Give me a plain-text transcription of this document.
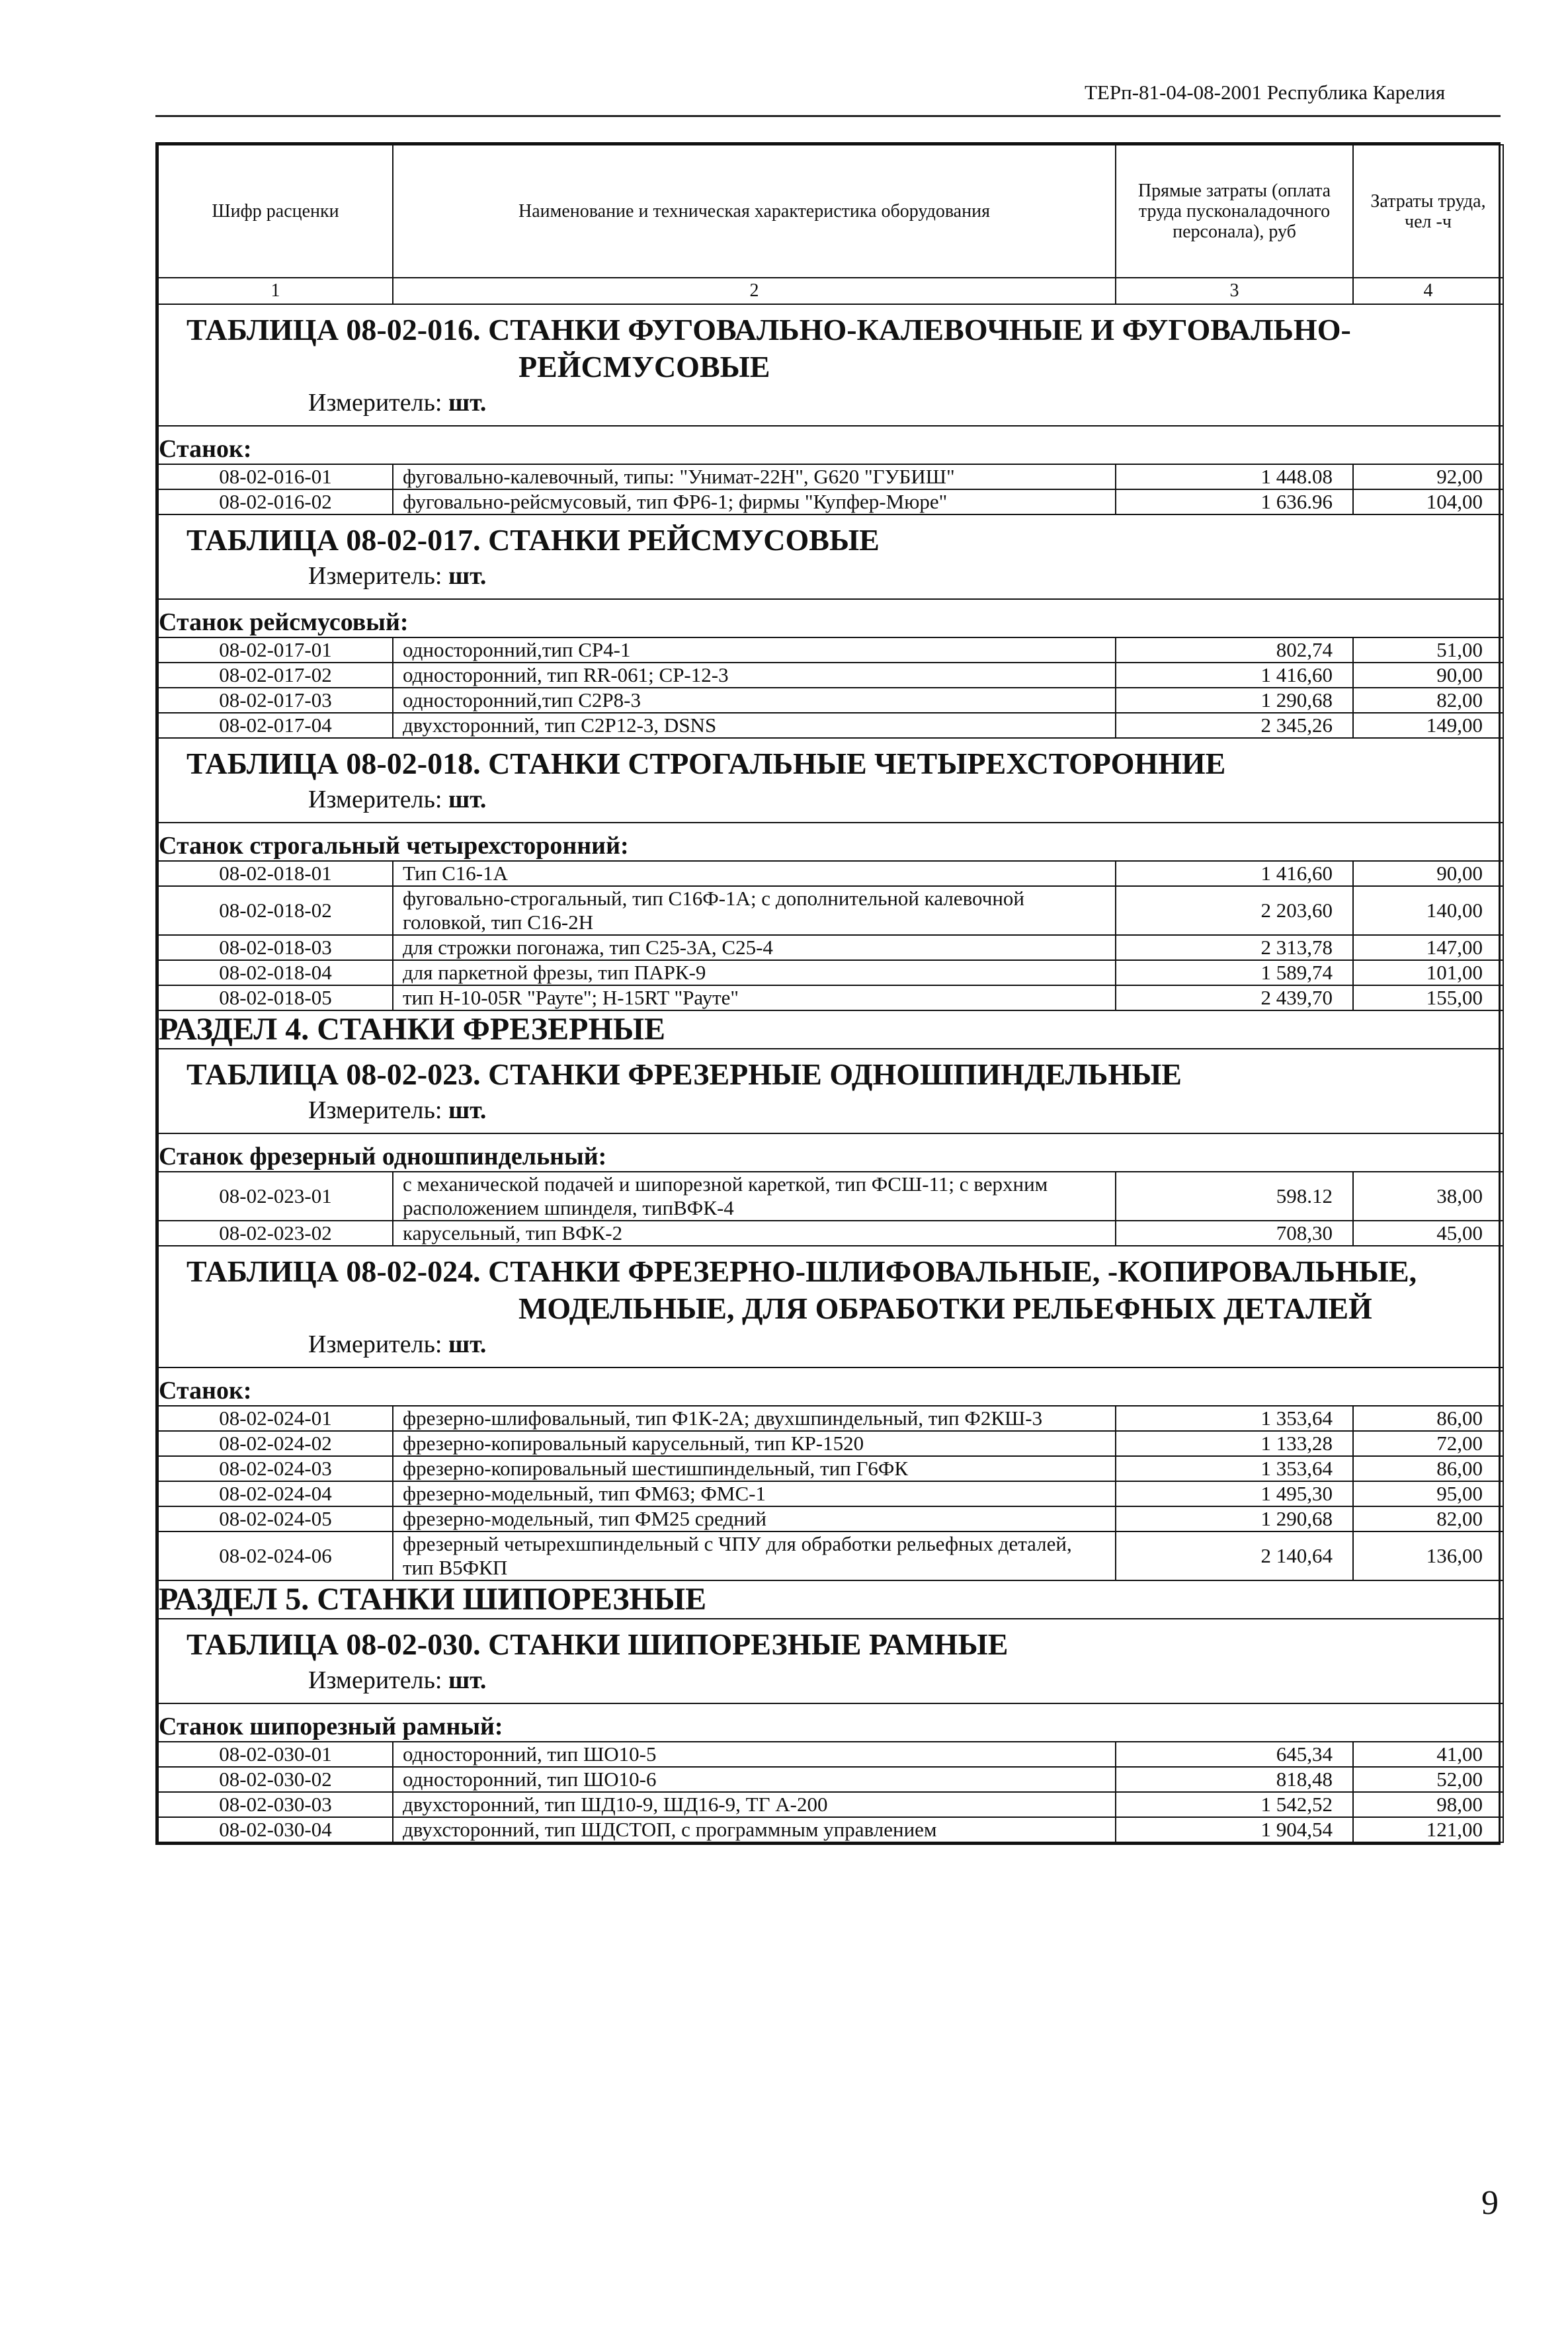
ТЕРп-81-04-08-2001 Республика Карелия
Шифр расценки	Наименование и техническая характеристика оборудования	Прямые затраты (оплата труда пусконаладочного персонала), руб	Затраты труда, чел -ч
1	2	3	4

ТАБЛИЦА 08-02-016. СТАНКИ ФУГОВАЛЬНО-КАЛЕВОЧНЫЕ И ФУГОВАЛЬНО-
РЕЙСМУСОВЫЕ
Измеритель: шт.			

Станок:			
08-02-016-01	фуговально-калевочный, типы: "Унимат-22Н", G620 "ГУБИШ"	1 448.08	92,00
08-02-016-02	фуговально-рейсмусовый, тип ФР6-1; фирмы "Купфер-Мюре"	1 636.96	104,00

ТАБЛИЦА 08-02-017. СТАНКИ РЕЙСМУСОВЫЕ
Измеритель: шт.			

Станок рейсмусовый:			
08-02-017-01	односторонний,тип СР4-1	802,74	51,00
08-02-017-02	односторонний, тип RR-061; СР-12-3	1 416,60	90,00
08-02-017-03	односторонний,тип С2Р8-3	1 290,68	82,00
08-02-017-04	двухсторонний, тип С2Р12-3, DSNS	2 345,26	149,00

ТАБЛИЦА 08-02-018. СТАНКИ СТРОГАЛЬНЫЕ ЧЕТЫРЕХСТОРОННИЕ
Измеритель: шт.			

Станок строгальный четырехсторонний:			
08-02-018-01	Тип С16-1А	1 416,60	90,00
08-02-018-02	фуговально-строгальный, тип С16Ф-1А; с дополнительной калевочной головкой, тип С16-2Н	2 203,60	140,00
08-02-018-03	для строжки погонажа, тип С25-3А, С25-4	2 313,78	147,00
08-02-018-04	для паркетной фрезы, тип ПАРК-9	1 589,74	101,00
08-02-018-05	тип Н-10-05R "Рауте"; Н-15RT "Рауте"	2 439,70	155,00
РАЗДЕЛ 4. СТАНКИ ФРЕЗЕРНЫЕ			

ТАБЛИЦА 08-02-023. СТАНКИ ФРЕЗЕРНЫЕ ОДНОШПИНДЕЛЬНЫЕ
Измеритель: шт.			

Станок фрезерный одношпиндельный:			
08-02-023-01	с механической подачей и шипорезной кареткой, тип ФСШ-11; с верхним расположением шпинделя, типВФК-4	598.12	38,00
08-02-023-02	карусельный, тип ВФК-2	708,30	45,00

ТАБЛИЦА 08-02-024. СТАНКИ ФРЕЗЕРНО-ШЛИФОВАЛЬНЫЕ, -КОПИРОВАЛЬНЫЕ,
МОДЕЛЬНЫЕ, ДЛЯ ОБРАБОТКИ РЕЛЬЕФНЫХ ДЕТАЛЕЙ
Измеритель: шт.			

Станок:			
08-02-024-01	фрезерно-шлифовальный, тип Ф1К-2А; двухшпиндельный, тип Ф2КШ-3	1 353,64	86,00
08-02-024-02	фрезерно-копировальный карусельный, тип КР-1520	1 133,28	72,00
08-02-024-03	фрезерно-копировальный шестишпиндельный, тип Г6ФК	1 353,64	86,00
08-02-024-04	фрезерно-модельный, тип ФМ63; ФМС-1	1 495,30	95,00
08-02-024-05	фрезерно-модельный, тип ФМ25 средний	1 290,68	82,00
08-02-024-06	фрезерный четырехшпиндельный с ЧПУ для обработки рельефных деталей, тип В5ФКП	2 140,64	136,00
РАЗДЕЛ 5. СТАНКИ ШИПОРЕЗНЫЕ			

ТАБЛИЦА 08-02-030. СТАНКИ ШИПОРЕЗНЫЕ РАМНЫЕ
Измеритель: шт.			

Станок шипорезный рамный:			
08-02-030-01	односторонний, тип ШО10-5	645,34	41,00
08-02-030-02	односторонний, тип ШО10-6	818,48	52,00
08-02-030-03	двухсторонний, тип ШД10-9, ШД16-9, ТГ А-200	1 542,52	98,00
08-02-030-04	двухсторонний, тип ШДСТОП, с программным управлением	1 904,54	121,00
9
